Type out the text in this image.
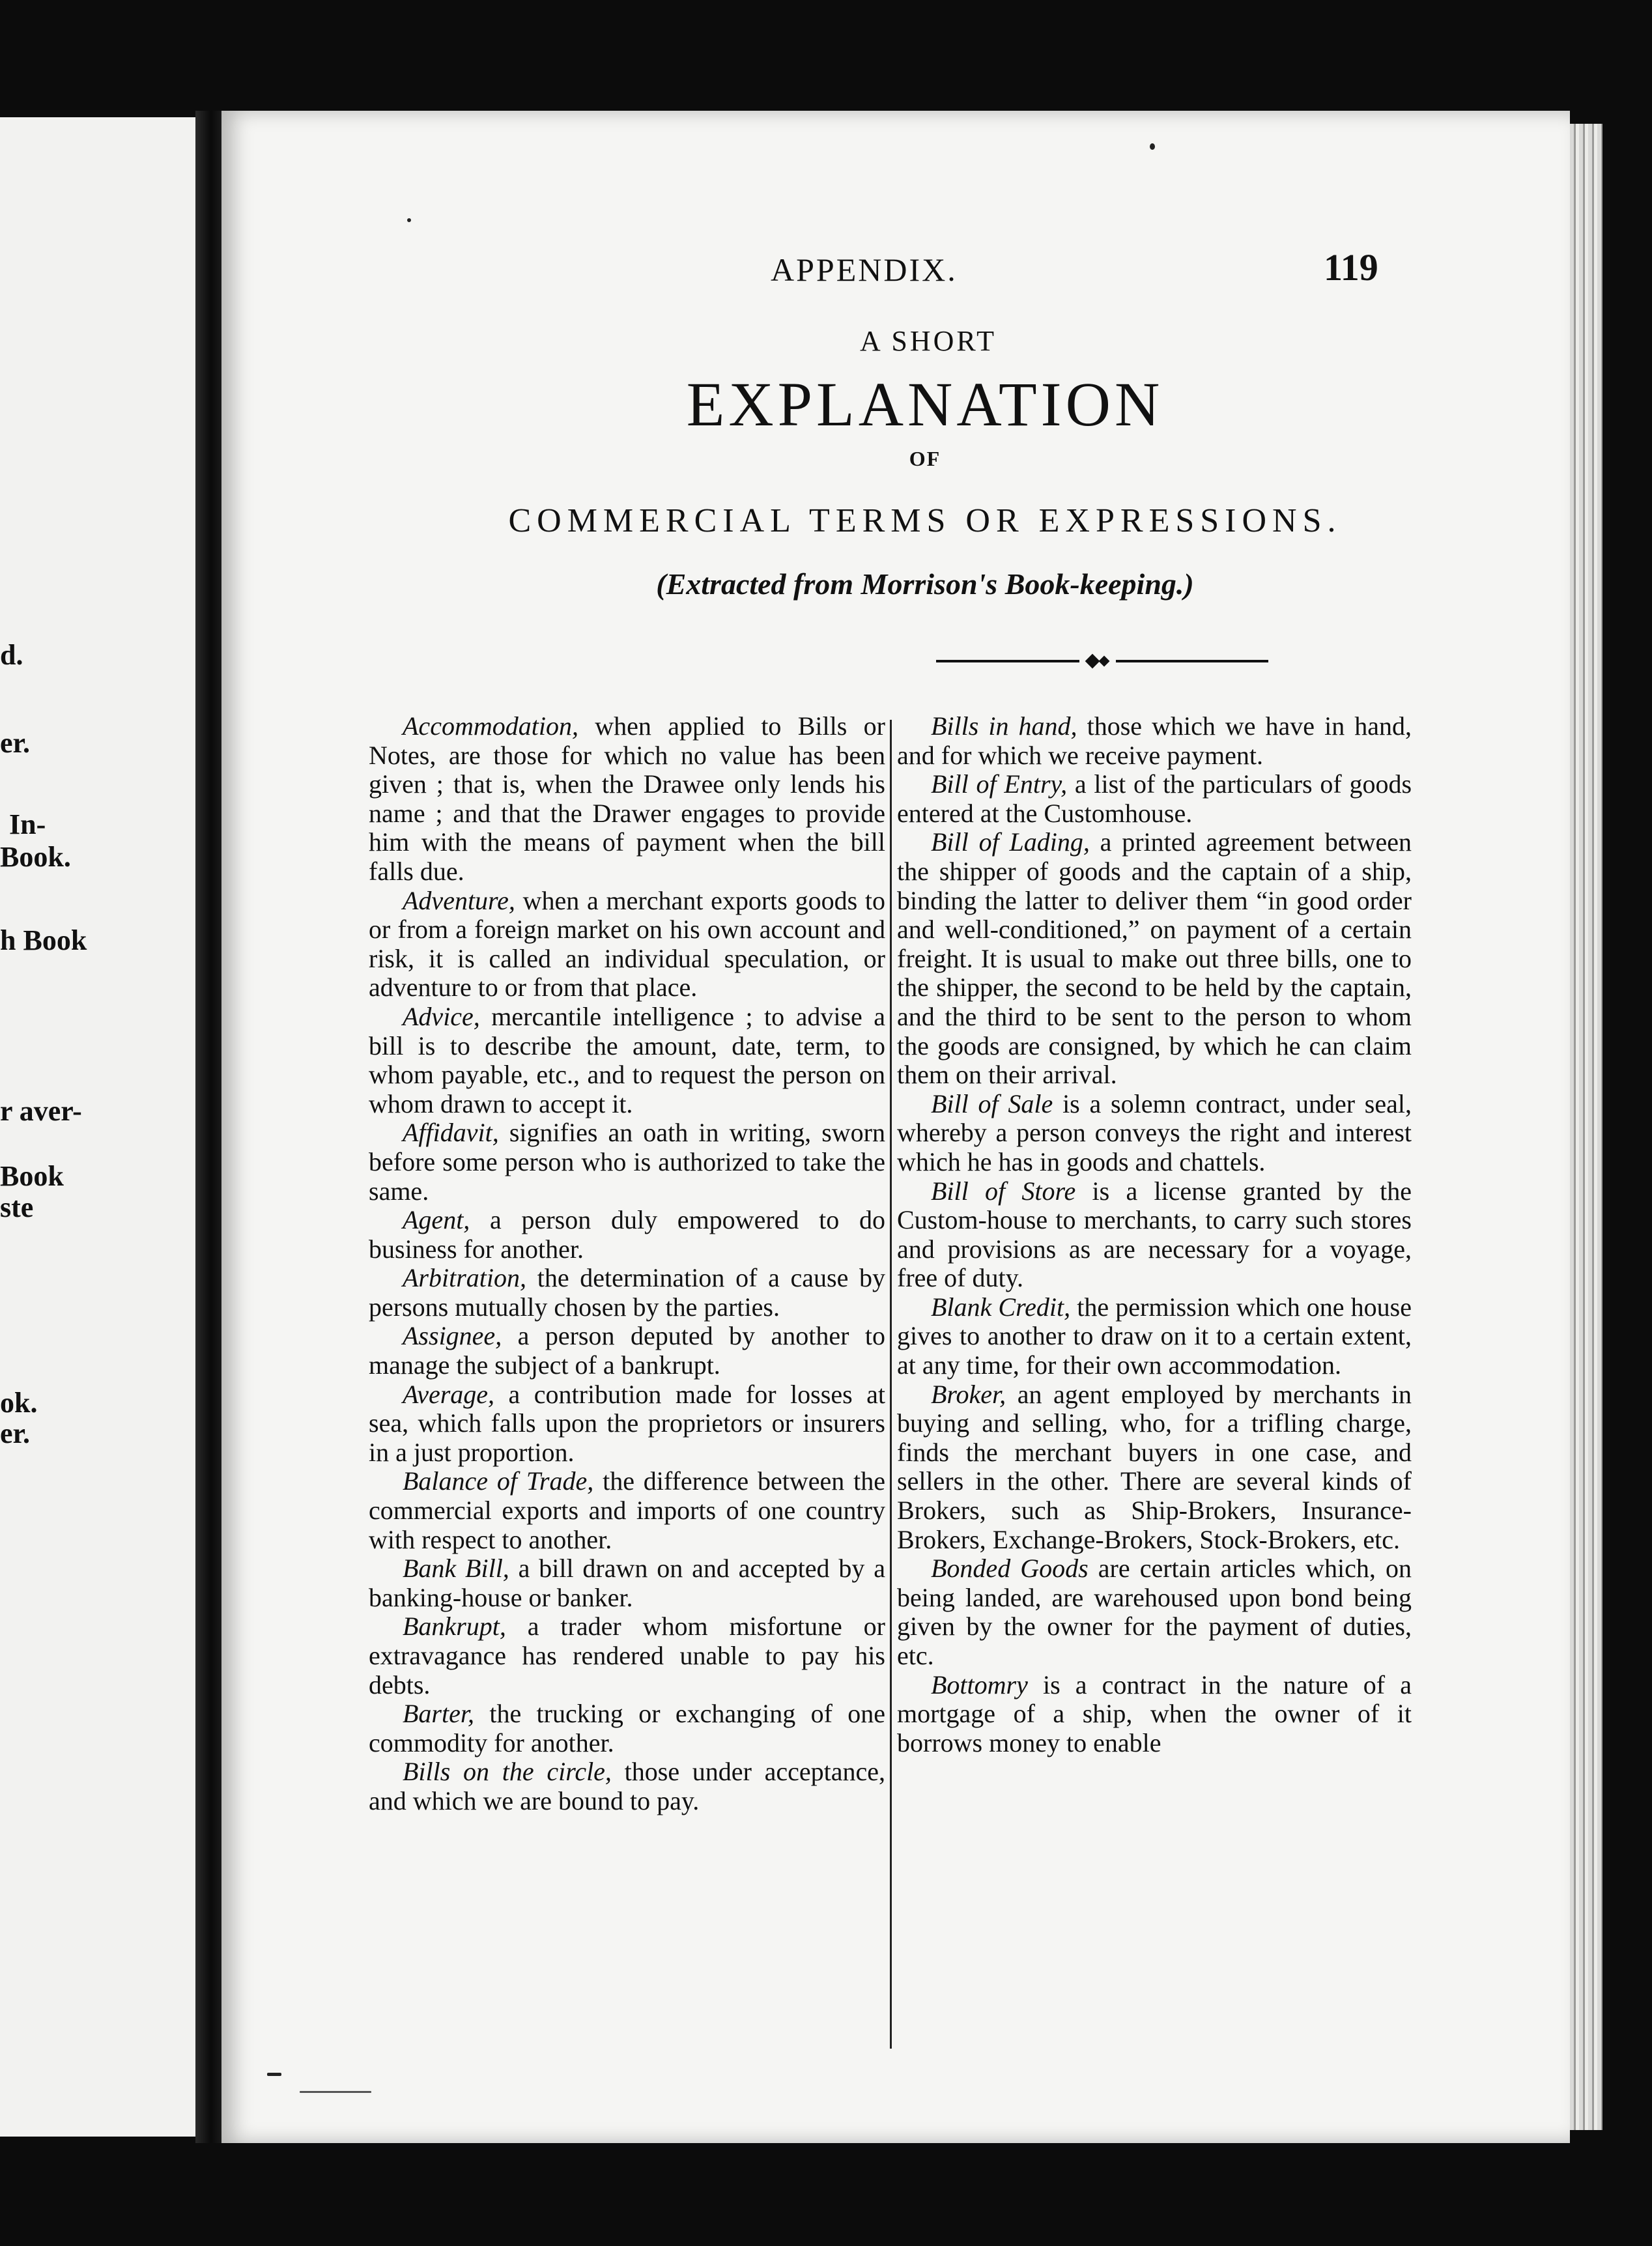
d.
er.
In-
Book.
h Book
r aver-
Book
ste
ok.
er.
APPENDIX.	119
A SHORT
EXPLANATION
OF
COMMERCIAL TERMS OR EXPRESSIONS.
(Extracted from Morrison's Book-keeping.)

Accommodation, when applied to Bills or Notes, are those for which no value has been given ; that is, when the Drawee only lends his name ; and that the Drawer engages to provide him with the means of payment when the bill falls due.

Adventure, when a merchant exports goods to or from a foreign market on his own account and risk, it is called an individual speculation, or adventure to or from that place.

Advice, mercantile intelligence ; to advise a bill is to describe the amount, date, term, to whom payable, etc., and to request the person on whom drawn to accept it.

Affidavit, signifies an oath in writing, sworn before some person who is authorized to take the same.

Agent, a person duly empowered to do business for another.

Arbitration, the determination of a cause by persons mutually chosen by the parties.

Assignee, a person deputed by another to manage the subject of a bankrupt.

Average, a contribution made for losses at sea, which falls upon the proprietors or insurers in a just proportion.

Balance of Trade, the difference between the commercial exports and imports of one country with respect to another.

Bank Bill, a bill drawn on and accepted by a banking-house or banker.

Bankrupt, a trader whom misfortune or extravagance has rendered unable to pay his debts.

Barter, the trucking or exchanging of one commodity for another.

Bills on the circle, those under acceptance, and which we are bound to pay.

Bills in hand, those which we have in hand, and for which we receive payment.

Bill of Entry, a list of the particulars of goods entered at the Customhouse.

Bill of Lading, a printed agreement between the shipper of goods and the captain of a ship, binding the latter to deliver them “in good order and well-conditioned,” on payment of a certain freight. It is usual to make out three bills, one to the shipper, the second to be held by the captain, and the third to be sent to the person to whom the goods are consigned, by which he can claim them on their arrival.

Bill of Sale is a solemn contract, under seal, whereby a person conveys the right and interest which he has in goods and chattels.

Bill of Store is a license granted by the Custom-house to merchants, to carry such stores and provisions as are necessary for a voyage, free of duty.

Blank Credit, the permission which one house gives to another to draw on it to a certain extent, at any time, for their own accommodation.

Broker, an agent employed by merchants in buying and selling, who, for a trifling charge, finds the merchant buyers in one case, and sellers in the other. There are several kinds of Brokers, such as Ship-Brokers, Insurance-Brokers, Exchange-Brokers, Stock-Brokers, etc.

Bonded Goods are certain articles which, on being landed, are warehoused upon bond being given by the owner for the payment of duties, etc.

Bottomry is a contract in the nature of a mortgage of a ship, when the owner of it borrows money to enable
